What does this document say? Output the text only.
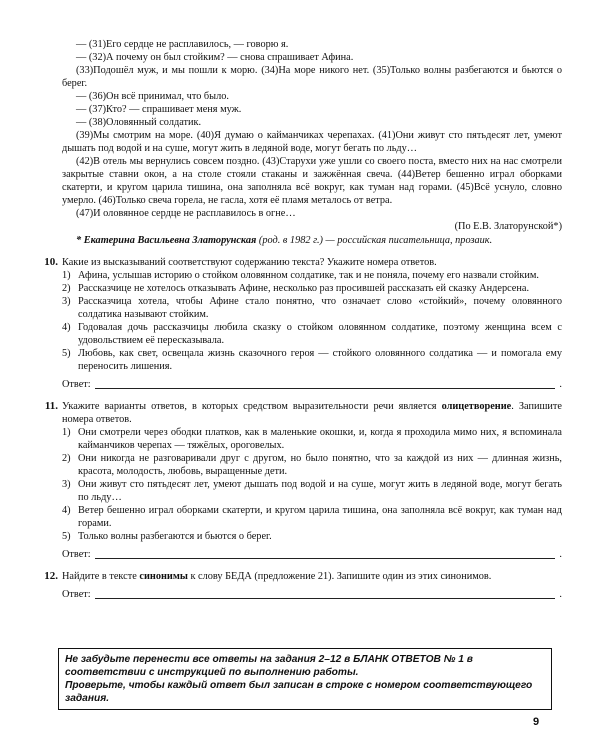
— (31)Его сердце не расплавилось, — говорю я.

— (32)А почему он был стойким? — снова спрашивает Афина.

(33)Подошёл муж, и мы пошли к морю. (34)На море никого нет. (35)Только волны разбегаются и бьются о берег.

— (36)Он всё принимал, что было.

— (37)Кто? — спрашивает меня муж.

— (38)Оловянный солдатик.

(39)Мы смотрим на море. (40)Я думаю о кайманчиках черепахах. (41)Они живут сто пятьдесят лет, умеют дышать под водой и на суше, могут жить в ледяной воде, могут бегать по льду…

(42)В отель мы вернулись совсем поздно. (43)Старухи уже ушли со своего поста, вместо них на нас смотрели закрытые ставни окон, а на столе стояли стаканы и зажжённая свеча. (44)Ветер бешенно играл оборками скатерти, и кругом царила тишина, она заполняла всё вокруг, как туман над горами. (45)Всё уснуло, словно умерло. (46)Только свеча горела, не гасла, хотя её пламя металось от ветра.

(47)И оловянное сердце не расплавилось в огне…

(По Е.В. Златорунской*)

* Екатерина Васильевна Златорунская (род. в 1982 г.) — российская писательница, прозаик.

10. Какие из высказываний соответствуют содержанию текста? Укажите номера ответов.

1) Афина, услышав историю о стойком оловянном солдатике, так и не поняла, почему его назвали стойким.
2) Рассказчице не хотелось отказывать Афине, несколько раз просившей рассказать ей сказку Андерсена.
3) Рассказчица хотела, чтобы Афине стало понятно, что означает слово «стойкий», почему оловянного солдатика называют стойким.
4) Годовалая дочь рассказчицы любила сказку о стойком оловянном солдатике, поэтому женщина всем с удовольствием её пересказывала.
5) Любовь, как свет, освещала жизнь сказочного героя — стойкого оловянного солдатика — и помогала ему переносить лишения.
Ответ:	.
11. Укажите варианты ответов, в которых средством выразительности речи является олицетворение. Запишите номера ответов.

1) Они смотрели через ободки платков, как в маленькие окошки, и, когда я проходила мимо них, я вспоминала кайманчиков черепах — тяжёлых, ороговелых.
2) Они никогда не разговаривали друг с другом, но было понятно, что за каждой из них — длинная жизнь, красота, молодость, любовь, выращенные дети.
3) Они живут сто пятьдесят лет, умеют дышать под водой и на суше, могут жить в ледяной воде, могут бегать по льду…
4) Ветер бешенно играл оборками скатерти, и кругом царила тишина, она заполняла всё вокруг, как туман над горами.
5) Только волны разбегаются и бьются о берег.
Ответ:	.
12. Найдите в тексте синонимы к слову БЕДА (предложение 21). Запишите один из этих синонимов.

Ответ:	.

Не забудьте перенести все ответы на задания 2–12 в БЛАНК ОТВЕТОВ № 1 в соответствии с инструкцией по выполнению работы.

Проверьте, чтобы каждый ответ был записан в строке с номером соответствующего задания.

9
